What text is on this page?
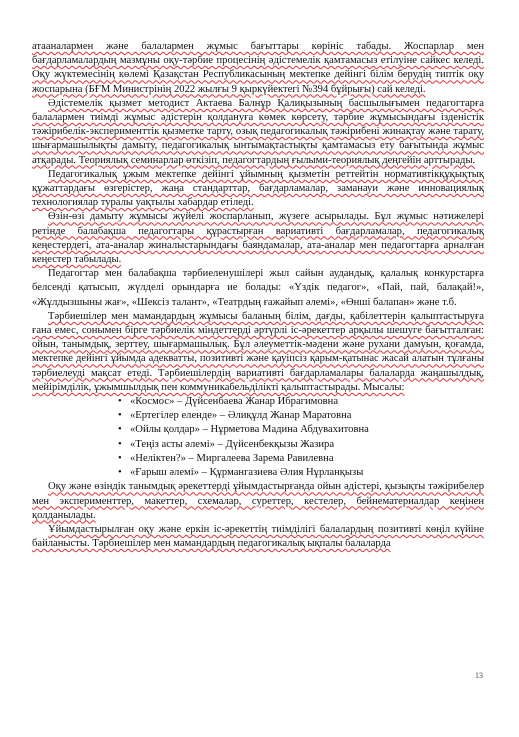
атааналармен және балалармен жұмыс бағыттары көрініс табады. Жоспарлар мен бағдарламалардың мазмұны оқу-тәрбие процесінің әдістемелік қамтамасыз етілуіне сайкес келеді. Оқу жүктемесінің көлемі Қазақстан Республикасының мектепке дейінгі білім берудің типтік оқу жоспарына (БҒМ Министрінің 2022 жылғы 9 қыркүйектегі №394 бұйрығы) сай келеді.

Әдістемелік қызмет методист Актаева Балнұр Қалиқызының басшылығымен педагогтарға балалармен тиімді жұмыс әдістерін қолдануға көмек көрсету, тәрбие жұмысындағы ізденістік тәжірибелік-эксперименттік қызметке тарту, озық педагогикалық тәжірибені жинақтау және тарату, шығармашылықты дамыту, педагогикалық ынтымақтастықты қамтамасыз ету бағытында жұмыс атқарады. Теориялық семинарлар өткізіп, педагогтардың ғылыми-теориялық деңгейін арттырады.

Педагогикалық ұжым мектепке дейінгі ұйымның қызметін реттейтін нормативтікқұқықтық құжаттардағы өзгерістер, жаңа стандарттар, бағдарламалар, заманауи және инновациялық технологиялар туралы уақтылы хабардар етіледі.

Өзін-өзі дамыту жұмысы жүйелі жоспарланып, жүзеге асырылады. Бұл жұмыс нәтижелері ретінде балабақша педагогтары құрастырған вариативті бағдарламалар, педагогикалық кеңестердегі, ата-аналар жиналыстарындағы баяндамалар, ата-аналар мен педагогтарға арналған кеңестер табылады.

Педагогтар мен балабақша тәрбиеленушілері жыл сайын аудандық, қалалық конкурстарға белсенді қатысып, жүлделі орындарға ие болады: «Үздік педагог», «Пай, пай, балақай!», «Жұлдызшыны жағ», «Шексіз талант», «Театрдың ғажайып әлемі», «Өнші балапан» және т.б.

Тәрбиешілер мен мамандардың жұмысы баланың білім, дағды, қабілеттерін қалыптастыруға ғана емес, сонымен бірге тәрбиелік міндеттерді әртүрлі іс-әрекеттер арқылы шешуге бағытталған: ойын, танымдық, зерттеу, шығармашылық. Бұл әлеуметтік-мәдени және рухани дамуын, қоғамда, мектепке дейінгі ұйымда адекватты, позитивті және қауіпсіз қарым-қатынас жасай алатын тұлғаны тәрбиелеуді мақсат етеді. Тәрбиешілердің вариативті бағдарламалары балаларда жаңашылдық, мейірімділік, ұжымшылдық пен коммуникабельділікті қалыптастырады. Мысалы:

• «Космос» – Дүйсенбаева Жанар Ибрагимовна
• «Ертегілер еленде» – Әлиқұлд Жанар Маратовна
• «Ойлы қолдар» – Нұрметова Мадина Абдувахитовна
• «Теңіз асты әлемі» – Дүйсенбекқызы Жазира
• «Неліктен?» – Миргалеева Зарема Равилевна
• «Ғарыш әлемі» – Құрмангазиева Әлия Нұрланқызы

Оқу және өзіндік танымдық әрекеттерді ұйымдастырғанда ойын әдістері, қызықты тәжірибелер мен эксперименттер, макеттер, схемалар, суреттер, кестелер, бейнематериалдар кеңінен қолданылады.

Ұйымдастырылған оқу және еркін іс-әрекеттің тиімділігі балалардың позитивті көңіл күйіне байланысты. Тәрбиешілер мен мамандардың педагогикалық ықпалы балаларда

13
